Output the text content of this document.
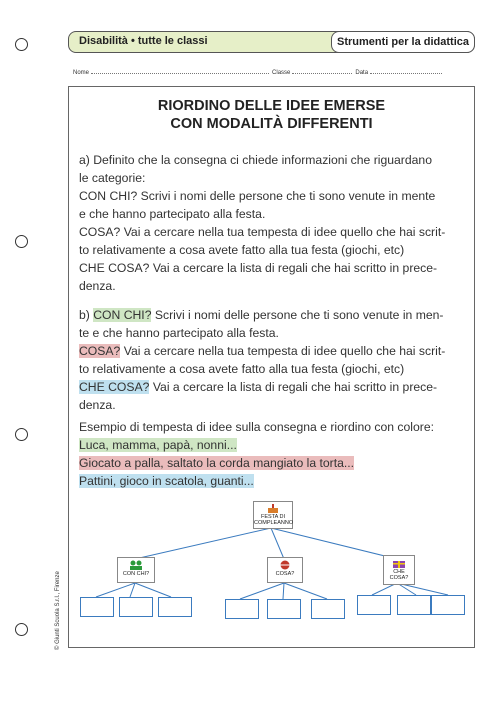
Disabilità • tutte le classi	Strumenti per la didattica
Nome	Classe	Data
© Giunti Scuola S.r.l., Firenze
RIORDINO DELLE IDEE EMERSE
CON MODALITÀ DIFFERENTI

a) Definito che la consegna ci chiede informazioni che riguardano

le categorie:

CON CHI? Scrivi i nomi delle persone che ti sono venute in mente

e che hanno partecipato alla festa.

COSA? Vai a cercare nella tua tempesta di idee quello che hai scrit-

to relativamente a cosa avete fatto alla tua festa (giochi, etc)

CHE COSA? Vai a cercare la lista di regali che hai scritto in prece-

denza.

b) CON CHI? Scrivi i nomi delle persone che ti sono venute in men-

te e che hanno partecipato alla festa.

COSA? Vai a cercare nella tua tempesta di idee quello che hai scrit-

to relativamente a cosa avete fatto alla tua festa (giochi, etc)

CHE COSA? Vai a cercare la lista di regali che hai scritto in prece-

denza.

Esempio di tempesta di idee sulla consegna e riordino con colore:

Luca, mamma, papà, nonni...

Giocato a palla, saltato la corda mangiato la torta...

Pattini, gioco in scatola, guanti...

FESTA DI COMPLEANNO
CON CHI?	COSA?	CHE
COSA?
